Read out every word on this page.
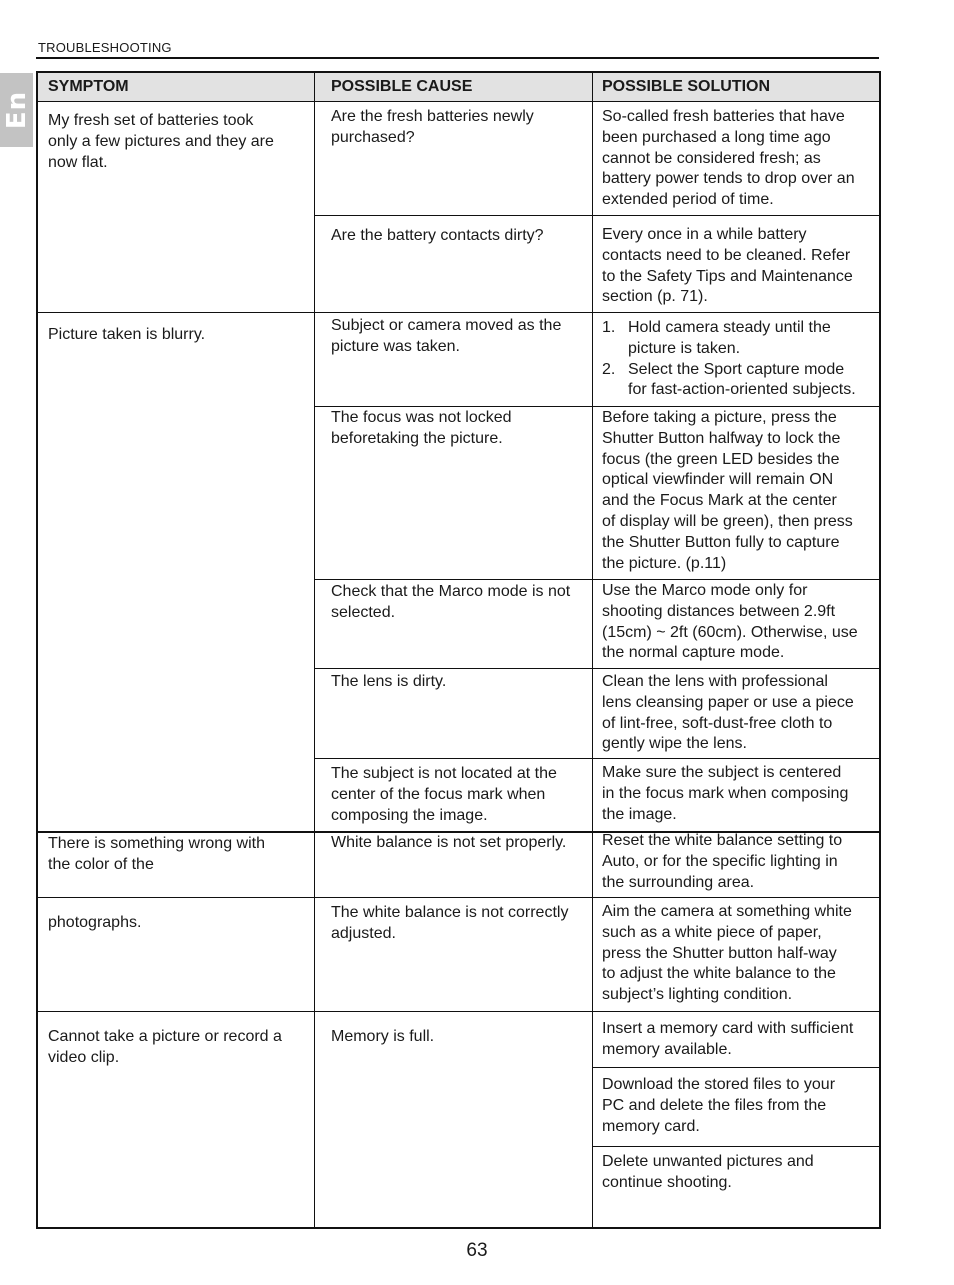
TROUBLESHOOTING
En
SYMPTOM	POSSIBLE CAUSE	POSSIBLE SOLUTION
My fresh set of batteries took
only a few pictures and they are
now flat.
Picture taken is blurry.
There is something wrong with
the color of the
photographs.
Cannot take a picture or record a
video clip.
Are the fresh batteries newly
purchased?
Are the battery contacts dirty?
Subject or camera moved as the
picture was taken.
The focus was not locked
beforetaking the picture.
Check that the Marco mode is not
selected.
The lens is dirty.
The subject is not located at the
center of the focus mark when
composing the image.
White balance is not set properly.
The white balance is not correctly
adjusted.
Memory is full.
So-called fresh batteries that have
been purchased a long time ago
cannot be considered fresh; as
battery power tends to drop over an
extended period of time.
Every once in a while battery
contacts need to be cleaned. Refer
to the Safety Tips and Maintenance
section (p. 71).
1. Hold camera steady until the
picture is taken.
2. Select the Sport capture mode
for fast-action-oriented subjects.
Before taking a picture, press the
Shutter Button halfway to lock the
focus (the green LED besides the
optical viewfinder will remain ON
and the Focus Mark at the center
of display will be green), then press
the Shutter Button fully to capture
the picture. (p.11)
Use the Marco mode only for
shooting distances between 2.9ft
(15cm) ~ 2ft (60cm). Otherwise, use
the normal capture mode.
Clean the lens with professional
lens cleansing paper or use a piece
of lint-free, soft-dust-free cloth to
gently wipe the lens.
Make sure the subject is centered
in the focus mark when composing
the image.
Reset the white balance setting to
Auto, or for the specific lighting in
the surrounding area.
Aim the camera at something white
such as a white piece of paper,
press the Shutter button half-way
to adjust the white balance to the
subject’s lighting condition.
Insert a memory card with sufficient
memory available.
Download the stored files to your
PC and delete the files from the
memory card.
Delete unwanted pictures and
continue shooting.
63
